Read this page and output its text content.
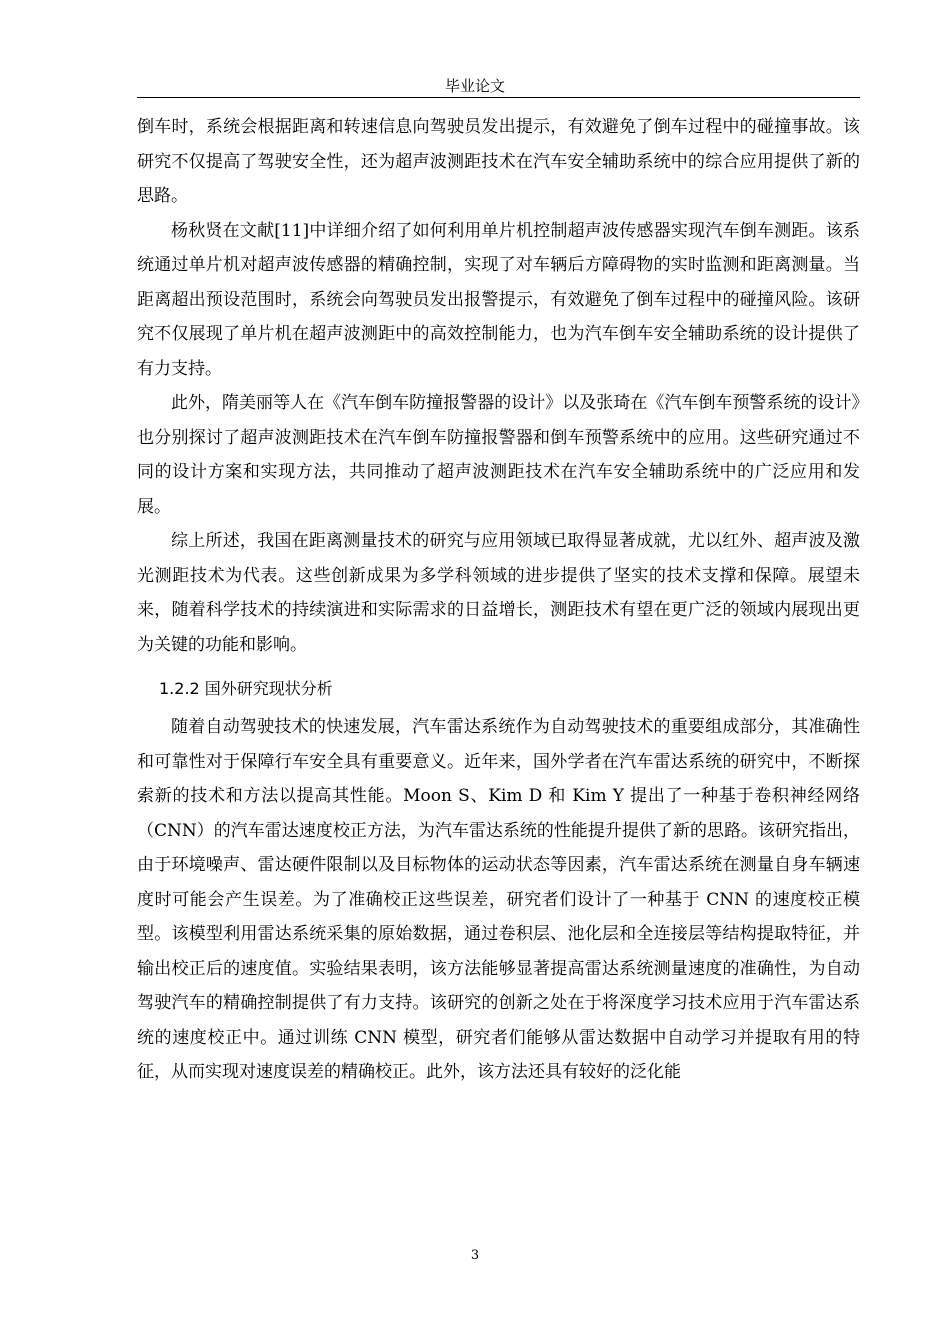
毕业论文

倒车时，系统会根据距离和转速信息向驾驶员发出提示，有效避免了倒车过程中的碰撞事故。该研究不仅提高了驾驶安全性，还为超声波测距技术在汽车安全辅助系统中的综合应用提供了新的思路。

杨秋贤在文献[11]中详细介绍了如何利用单片机控制超声波传感器实现汽车倒车测距。该系统通过单片机对超声波传感器的精确控制，实现了对车辆后方障碍物的实时监测和距离测量。当距离超出预设范围时，系统会向驾驶员发出报警提示，有效避免了倒车过程中的碰撞风险。该研究不仅展现了单片机在超声波测距中的高效控制能力，也为汽车倒车安全辅助系统的设计提供了有力支持。

此外，隋美丽等人在《汽车倒车防撞报警器的设计》以及张琦在《汽车倒车预警系统的设计》也分别探讨了超声波测距技术在汽车倒车防撞报警器和倒车预警系统中的应用。这些研究通过不同的设计方案和实现方法，共同推动了超声波测距技术在汽车安全辅助系统中的广泛应用和发展。

综上所述，我国在距离测量技术的研究与应用领域已取得显著成就，尤以红外、超声波及激光测距技术为代表。这些创新成果为多学科领域的进步提供了坚实的技术支撑和保障。展望未来，随着科学技术的持续演进和实际需求的日益增长，测距技术有望在更广泛的领域内展现出更为关键的功能和影响。

1.2.2 国外研究现状分析

随着自动驾驶技术的快速发展，汽车雷达系统作为自动驾驶技术的重要组成部分，其准确性和可靠性对于保障行车安全具有重要意义。近年来，国外学者在汽车雷达系统的研究中，不断探索新的技术和方法以提高其性能。Moon S、Kim D 和 Kim Y 提出了一种基于卷积神经网络（CNN）的汽车雷达速度校正方法，为汽车雷达系统的性能提升提供了新的思路。该研究指出，由于环境噪声、雷达硬件限制以及目标物体的运动状态等因素，汽车雷达系统在测量自身车辆速度时可能会产生误差。为了准确校正这些误差，研究者们设计了一种基于 CNN 的速度校正模型。该模型利用雷达系统采集的原始数据，通过卷积层、池化层和全连接层等结构提取特征，并输出校正后的速度值。实验结果表明，该方法能够显著提高雷达系统测量速度的准确性，为自动驾驶汽车的精确控制提供了有力支持。该研究的创新之处在于将深度学习技术应用于汽车雷达系统的速度校正中。通过训练 CNN 模型，研究者们能够从雷达数据中自动学习并提取有用的特征，从而实现对速度误差的精确校正。此外，该方法还具有较好的泛化能

3
